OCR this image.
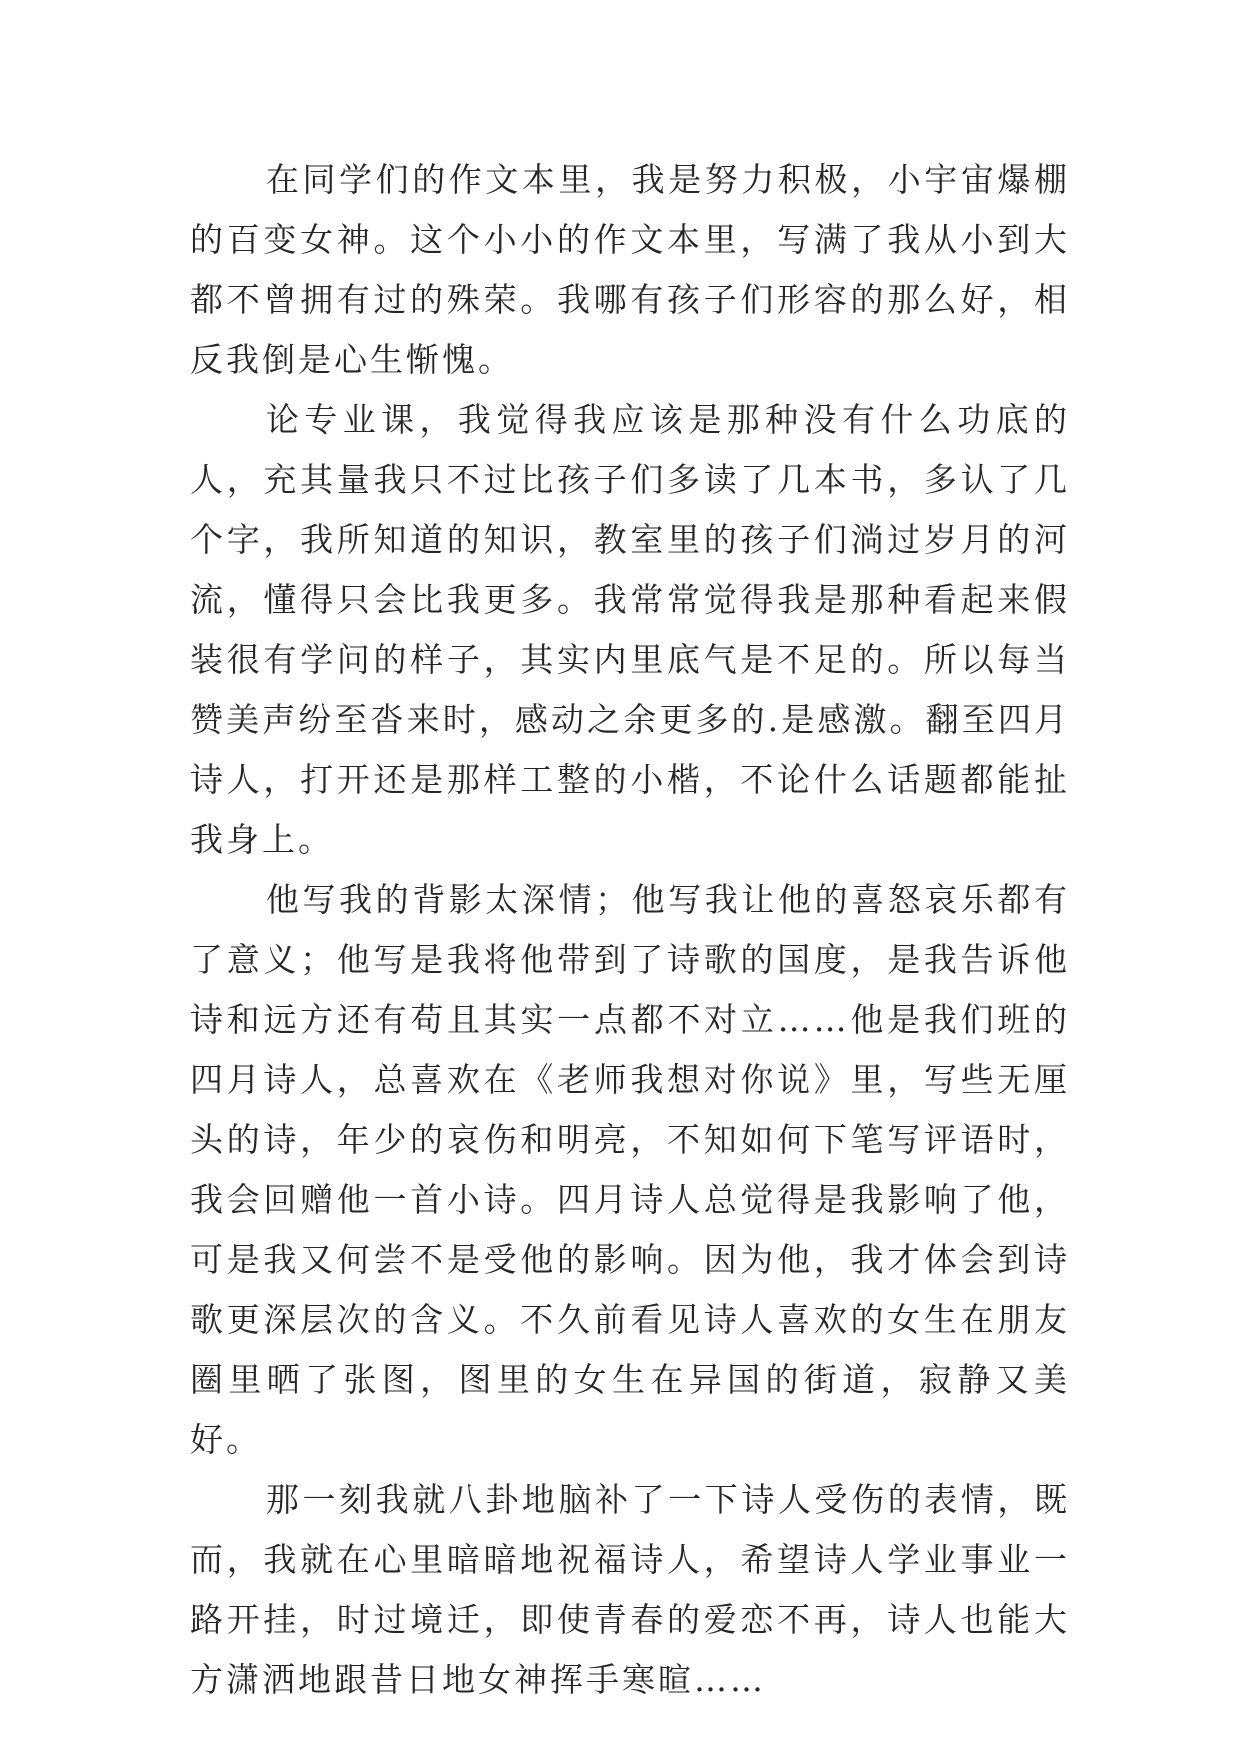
在同学们的作文本里，我是努力积极，小宇宙爆棚的百变女神。这个小小的作文本里，写满了我从小到大都不曾拥有过的殊荣。我哪有孩子们形容的那么好，相反我倒是心生惭愧。

论专业课，我觉得我应该是那种没有什么功底的人，充其量我只不过比孩子们多读了几本书，多认了几个字，我所知道的知识，教室里的孩子们淌过岁月的河流，懂得只会比我更多。我常常觉得我是那种看起来假装很有学问的样子，其实内里底气是不足的。所以每当赞美声纷至沓来时，感动之余更多的.是感激。翻至四月诗人，打开还是那样工整的小楷，不论什么话题都能扯我身上。

他写我的背影太深情；他写我让他的喜怒哀乐都有了意义；他写是我将他带到了诗歌的国度，是我告诉他诗和远方还有苟且其实一点都不对立……他是我们班的四月诗人，总喜欢在《老师我想对你说》里，写些无厘头的诗，年少的哀伤和明亮，不知如何下笔写评语时，我会回赠他一首小诗。四月诗人总觉得是我影响了他，可是我又何尝不是受他的影响。因为他，我才体会到诗歌更深层次的含义。不久前看见诗人喜欢的女生在朋友圈里晒了张图，图里的女生在异国的街道，寂静又美好。

那一刻我就八卦地脑补了一下诗人受伤的表情，既而，我就在心里暗暗地祝福诗人，希望诗人学业事业一路开挂，时过境迁，即使青春的爱恋不再，诗人也能大方潇洒地跟昔日地女神挥手寒暄……
